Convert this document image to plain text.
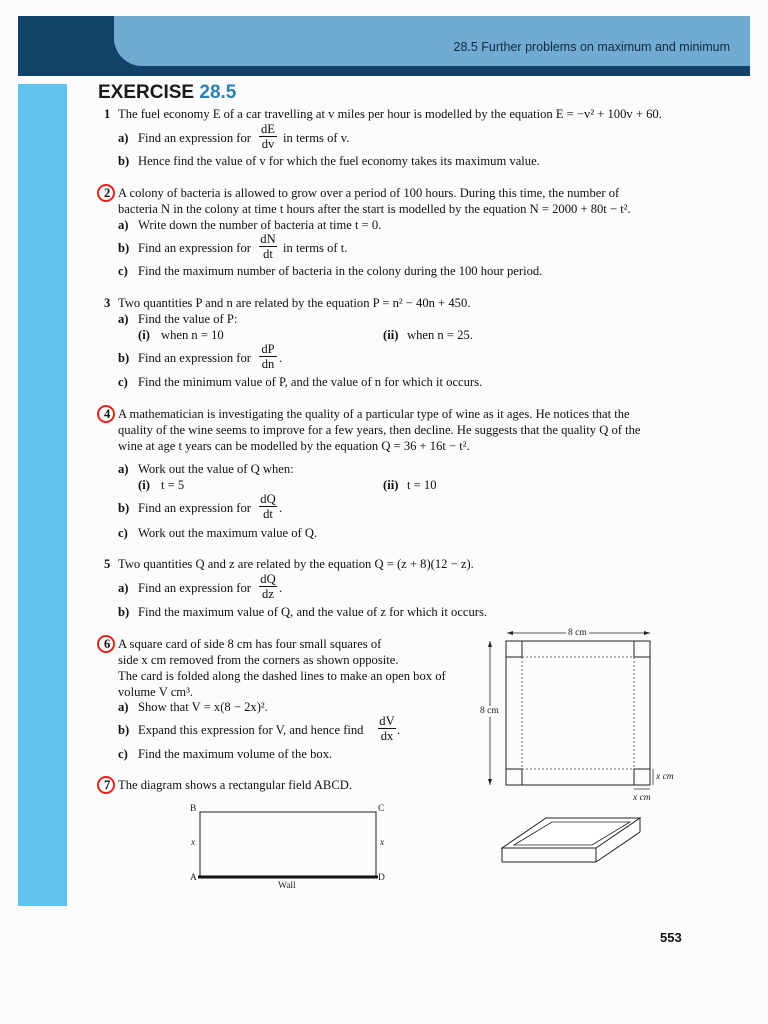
28.5 Further problems on maximum and minimum
EXERCISE 28.5
1 The fuel economy E of a car travelling at v miles per hour is modelled by the equation E = −v² + 100v + 60.
a) Find an expression for
dE
dv in terms of v.
b) Hence find the value of v for which the fuel economy takes its maximum value.
2 A colony of bacteria is allowed to grow over a period of 100 hours. During this time, the number of
bacteria N in the colony at time t hours after the start is modelled by the equation N = 2000 + 80t − t².
a) Write down the number of bacteria at time t = 0.
b) Find an expression for
dN
dt in terms of t.
c) Find the maximum number of bacteria in the colony during the 100 hour period.
3 Two quantities P and n are related by the equation P = n² − 40n + 450.
a) Find the value of P:
(i) when n = 10	(ii) when n = 25.
b) Find an expression for
dP
dn .
c) Find the minimum value of P, and the value of n for which it occurs.
4 A mathematician is investigating the quality of a particular type of wine as it ages. He notices that the
quality of the wine seems to improve for a few years, then decline. He suggests that the quality Q of the
wine at age t years can be modelled by the equation Q = 36 + 16t − t².
a) Work out the value of Q when:
(i) t = 5	(ii) t = 10
b) Find an expression for
dQ
dt .
c) Work out the maximum value of Q.
5 Two quantities Q and z are related by the equation Q = (z + 8)(12 − z).
a) Find an expression for
dQ
dz .
b) Find the maximum value of Q, and the value of z for which it occurs.
6 A square card of side 8 cm has four small squares of
side x cm removed from the corners as shown opposite.
The card is folded along the dashed lines to make an open box of
volume V cm³.
a) Show that V = x(8 − 2x)².
b) Expand this expression for V, and hence find
dV
dx .
c) Find the maximum volume of the box.
7 The diagram shows a rectangular field ABCD.
8 cm
8 cm
x cm
x cm
B	C
A	D
x	x
Wall
553
